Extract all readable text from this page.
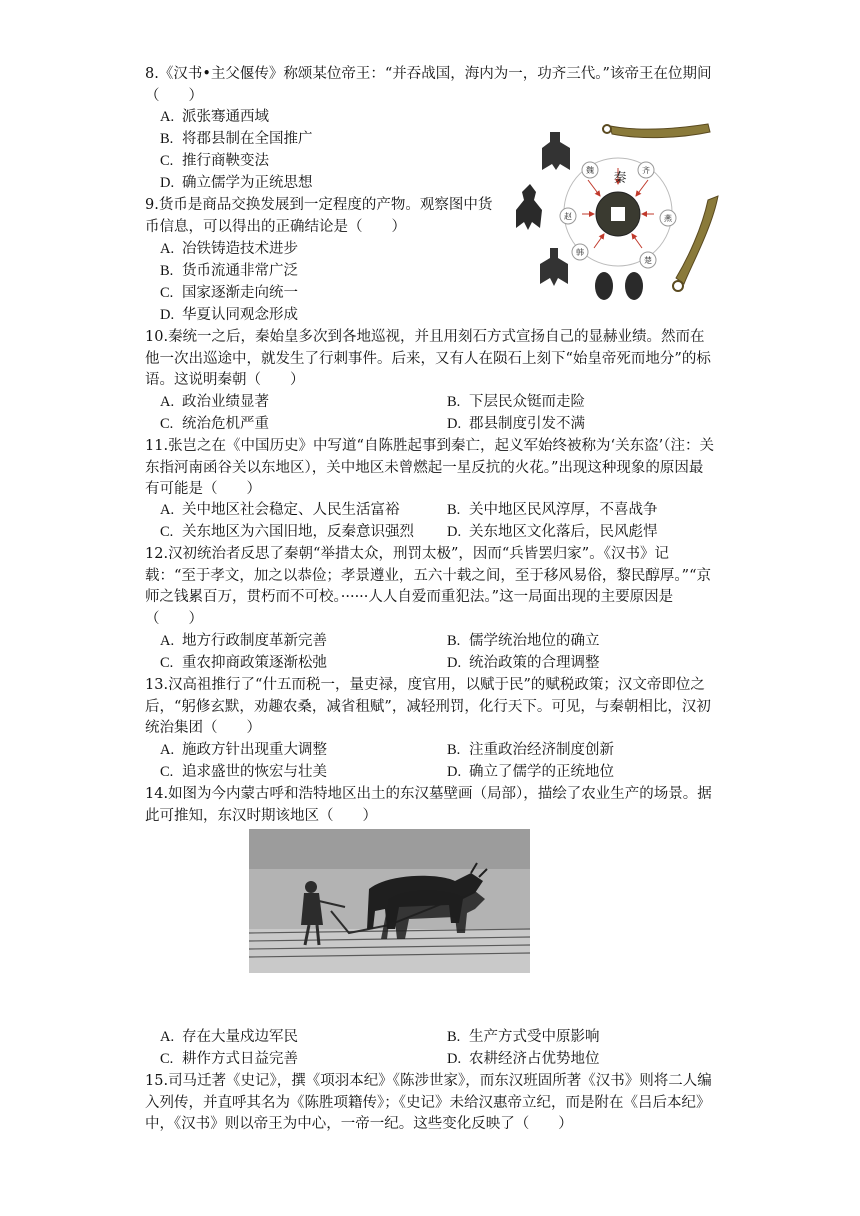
8.《汉书•主父偃传》称颂某位帝王：“并吞战国，海内为一，功齐三代。”该帝王在位期间（　　）
A. 派张骞通西域
B. 将郡县制在全国推广
C. 推行商鞅变法
D. 确立儒学为正统思想
9.货币是商品交换发展到一定程度的产物。观察图中货币信息，可以得出的正确结论是（　　）
A. 冶铁铸造技术进步
B. 货币流通非常广泛
C. 国家逐渐走向统一
D. 华夏认同观念形成
魏	齐
燕
楚
韩
赵
秦
10.秦统一之后，秦始皇多次到各地巡视，并且用刻石方式宣扬自己的显赫业绩。然而在他一次出巡途中，就发生了行刺事件。后来，又有人在陨石上刻下“始皇帝死而地分”的标语。这说明秦朝（　　）
A. 政治业绩显著	B. 下层民众铤而走险
C. 统治危机严重	D. 郡县制度引发不满
11.张岂之在《中国历史》中写道“自陈胜起事到秦亡，起义军始终被称为‘关东盗’（注：关东指河南函谷关以东地区），关中地区未曾燃起一星反抗的火花。”出现这种现象的原因最有可能是（　　）
A. 关中地区社会稳定、人民生活富裕	B. 关中地区民风淳厚，不喜战争
C. 关东地区为六国旧地，反秦意识强烈 D. 关东地区文化落后，民风彪悍
12.汉初统治者反思了秦朝“举措太众，刑罚太极”，因而“兵皆罢归家”。《汉书》记载：“至于孝文，加之以恭俭；孝景遵业，五六十载之间，至于移风易俗，黎民醇厚。”“京师之钱累百万，贯朽而不可校。······人人自爱而重犯法。”这一局面出现的主要原因是（　　）
A. 地方行政制度革新完善	B. 儒学统治地位的确立
C. 重农抑商政策逐渐松弛	D. 统治政策的合理调整
13.汉高祖推行了“什五而税一，量吏禄，度官用，以赋于民”的赋税政策；汉文帝即位之后，“躬修玄默，劝趣农桑，减省租赋”，减轻刑罚，化行天下。可见，与秦朝相比，汉初统治集团（　　）
A. 施政方针出现重大调整	B. 注重政治经济制度创新
C. 追求盛世的恢宏与壮美	D. 确立了儒学的正统地位
14.如图为今内蒙古呼和浩特地区出土的东汉墓壁画（局部），描绘了农业生产的场景。据此可推知，东汉时期该地区（　　）
A. 存在大量戍边军民	B. 生产方式受中原影响
C. 耕作方式日益完善	D. 农耕经济占优势地位
15.司马迁著《史记》，撰《项羽本纪》《陈涉世家》，而东汉班固所著《汉书》则将二人编入列传，并直呼其名为《陈胜项籍传》；《史记》未给汉惠帝立纪，而是附在《吕后本纪》中，《汉书》则以帝王为中心，一帝一纪。这些变化反映了（　　）
